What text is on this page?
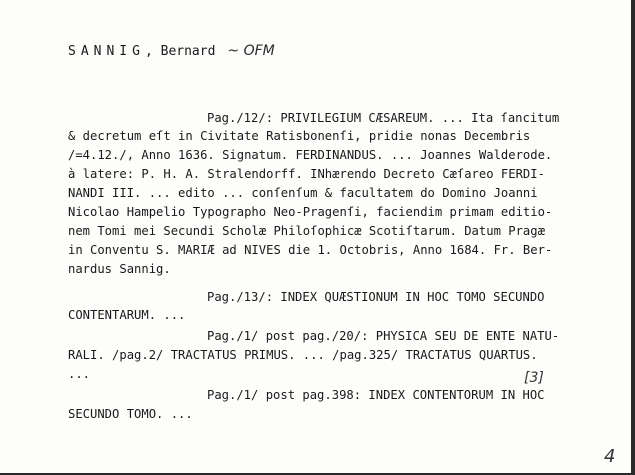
SANNIG, Bernard ~ OFM
Pag./12/: PRIVILEGIUM CÆSAREUM. ... Ita ſancitum
& decretum eſt in Civitate Ratisbonenſi, pridie nonas Decembris
/=4.12./, Anno 1636. Signatum. FERDINANDUS. ... Joannes Walderode.
à latere: P. H. A. Stralendorff. INhærendo Decreto Cæſareo FERDI-
NANDI III. ... edito ... conſenſum & facultatem do Domino Joanni
Nicolao Hampelio Typographo Neo-Pragenſi, faciendim primam editio-
nem Tomi mei Secundi Scholæ Philoſophicæ Scotiſtarum. Datum Pragæ
in Conventu S. MARIÆ ad NIVES die 1. Octobris, Anno 1684. Fr. Ber-
nardus Sannig.
Pag./13/: INDEX QUÆSTIONUM IN HOC TOMO SECUNDO
CONTENTARUM. ...
Pag./1/ post pag./20/: PHYSICA SEU DE ENTE NATU-
RALI. /pag.2/ TRACTATUS PRIMUS. ... /pag.325/ TRACTATUS QUARTUS.
...	[3]
Pag./1/ post pag.398: INDEX CONTENTORUM IN HOC
SECUNDO TOMO. ...
4
